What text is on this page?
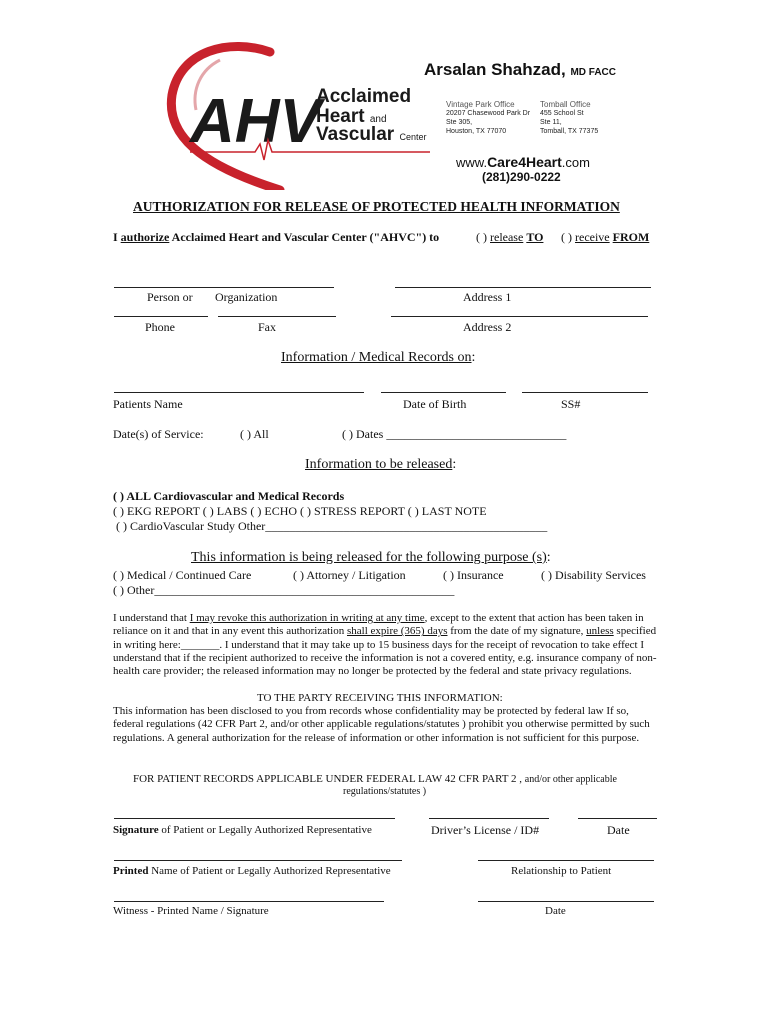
AHV
Acclaimed
Heart and
Vascular Center
Arsalan Shahzad, MD FACC
Vintage Park Office
20207 Chasewood Park Dr
Ste 305,
Houston, TX 77070
Tomball Office
455 School St
Ste 11,
Tomball, TX 77375
www.Care4Heart.com
(281)290-0222
AUTHORIZATION FOR RELEASE OF PROTECTED HEALTH INFORMATION
I authorize Acclaimed Heart and Vascular Center ("AHVC") to	( ) release TO ( ) receive FROM
Person or Organization	Address 1
Phone	Fax	Address 2
Information / Medical Records on:
Patients Name	Date of Birth	SS#
Date(s) of Service:	( ) All	( ) Dates ______________________________
Information to be released:
( ) ALL Cardiovascular and Medical Records
( ) EKG REPORT ( ) LABS ( ) ECHO ( ) STRESS REPORT ( ) LAST NOTE
( ) CardioVascular Study Other_______________________________________________
This information is being released for the following purpose (s):
( ) Medical / Continued Care	( ) Attorney / Litigation	( ) Insurance	( ) Disability Services
( ) Other__________________________________________________
I understand that I may revoke this authorization in writing at any time, except to the extent that action has been taken in reliance on it and that in any event this authorization shall expire (365) days from the date of my signature, unless specified in writing here:_______. I understand that it may take up to 15 business days for the receipt of revocation to take effect I understand that if the recipient authorized to receive the information is not a covered entity, e.g. insurance company of non-health care provider; the released information may no longer be protected by the federal and state privacy regulations.
TO THE PARTY RECEIVING THIS INFORMATION:
This information has been disclosed to you from records whose confidentiality may be protected by federal law If so, federal regulations (42 CFR Part 2, and/or other applicable regulations/statutes ) prohibit you otherwise permitted by such regulations. A general authorization for the release of information or other information is not sufficient for this purpose.
FOR PATIENT RECORDS APPLICABLE UNDER FEDERAL LAW 42 CFR PART 2 , and/or other applicable
regulations/statutes )
Signature of Patient or Legally Authorized Representative	Driver’s License / ID#	Date
Printed Name of Patient or Legally Authorized Representative	Relationship to Patient
Witness - Printed Name / Signature	Date
